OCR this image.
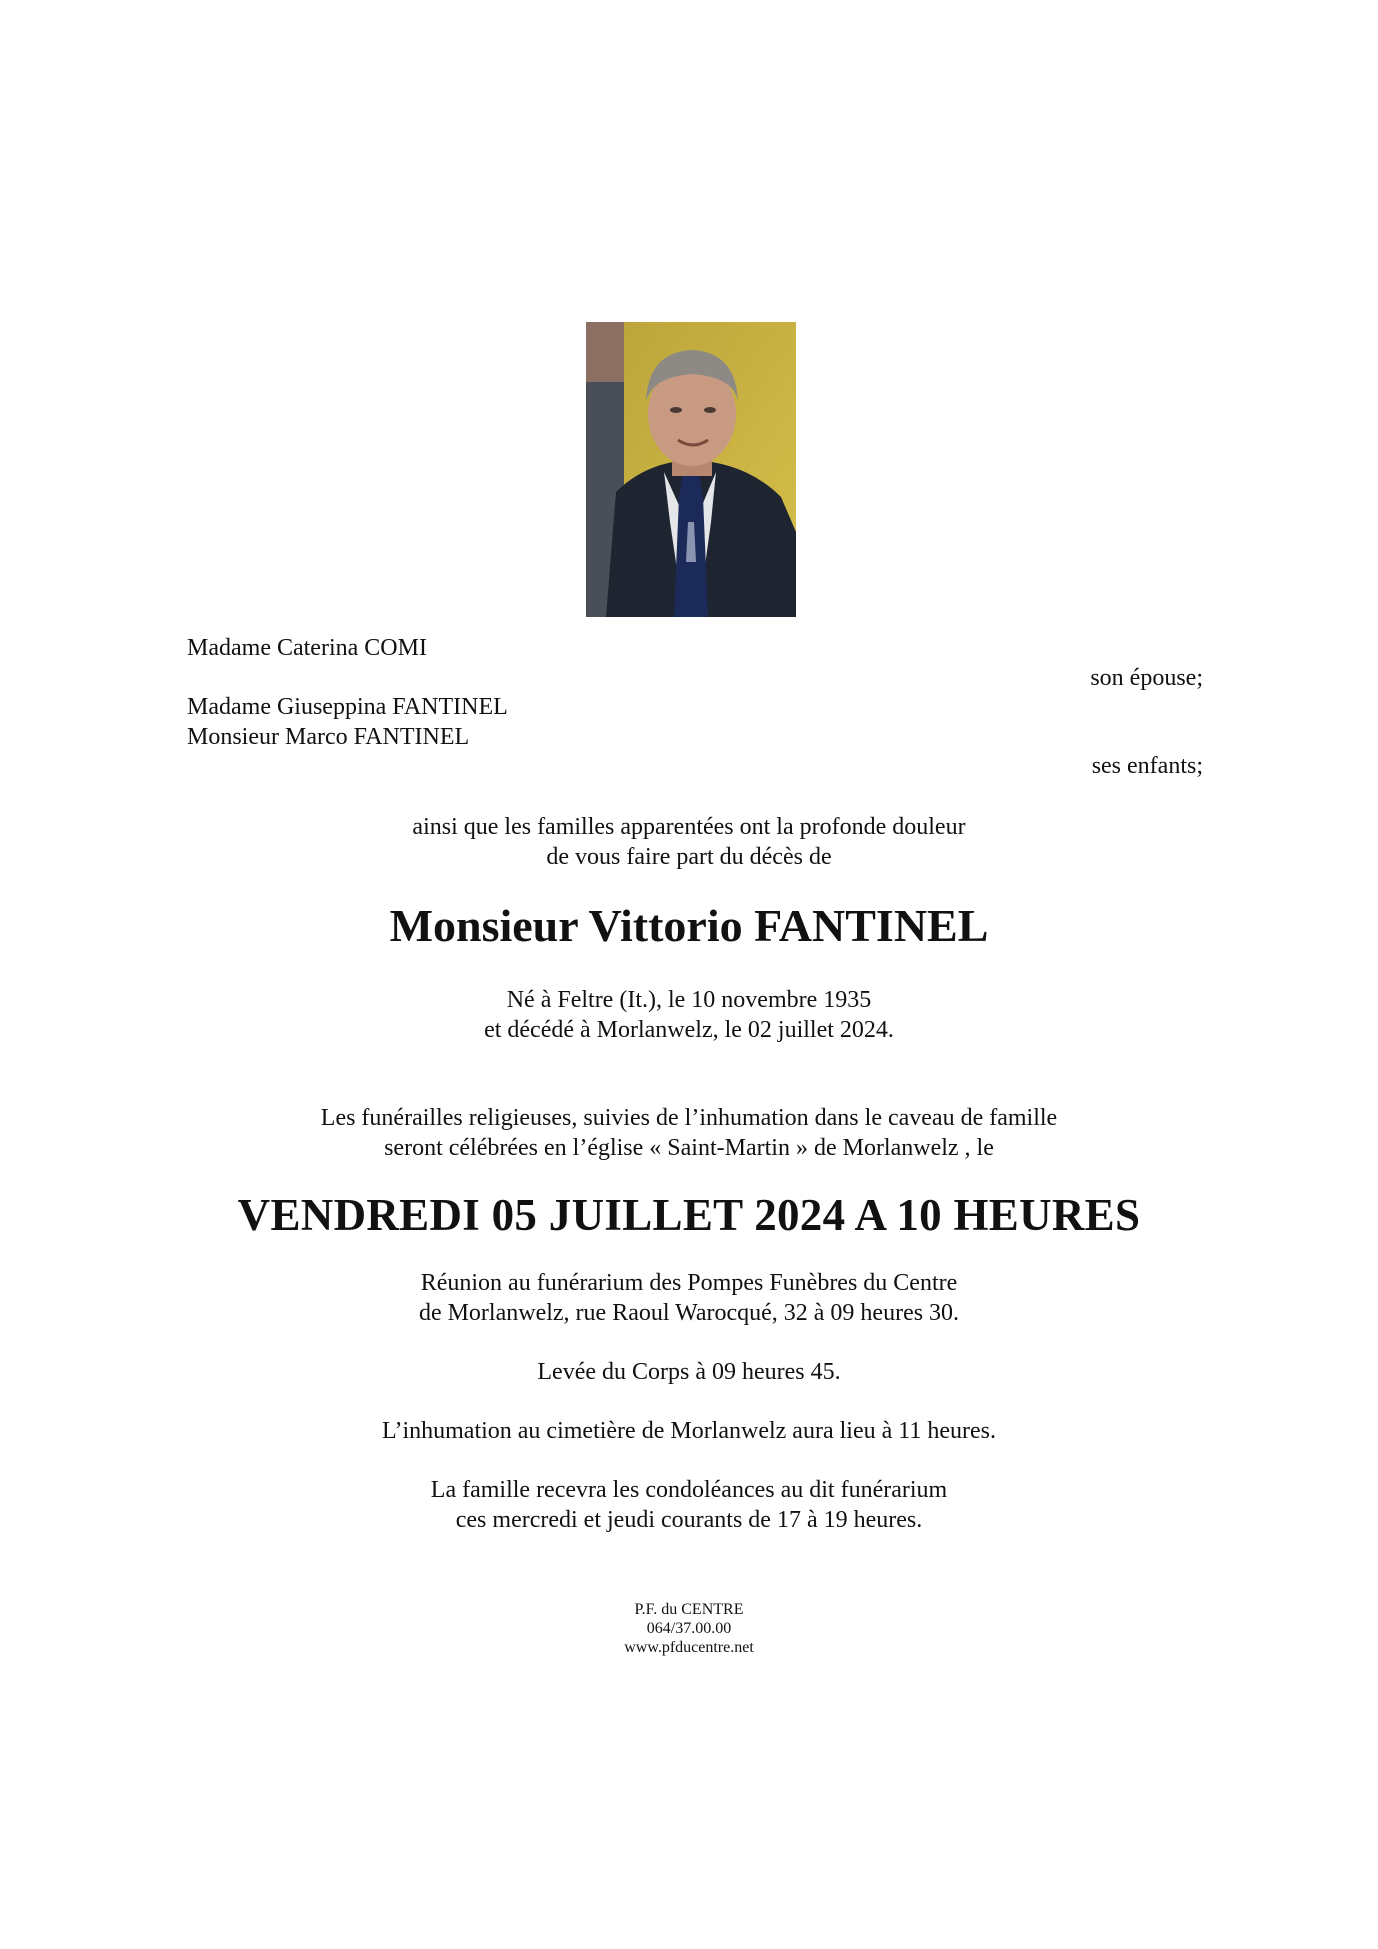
Madame Caterina COMI
son épouse;
Madame Giuseppina FANTINEL
Monsieur Marco FANTINEL
ses enfants;
ainsi que les familles apparentées ont la profonde douleur
de vous faire part du décès de
Monsieur Vittorio FANTINEL
Né à Feltre (It.), le 10 novembre 1935
et décédé à Morlanwelz, le 02 juillet 2024.
Les funérailles religieuses, suivies de l’inhumation dans le caveau de famille
seront célébrées en l’église « Saint-Martin » de Morlanwelz , le
VENDREDI 05 JUILLET 2024 A 10 HEURES
Réunion au funérarium des Pompes Funèbres du Centre
de Morlanwelz, rue Raoul Warocqué, 32 à 09 heures 30.
Levée du Corps à 09 heures 45.
L’inhumation au cimetière de Morlanwelz aura lieu à 11 heures.
La famille recevra les condoléances au dit funérarium
ces mercredi et jeudi courants de 17 à 19 heures.
P.F. du CENTRE
064/37.00.00
www.pfducentre.net
